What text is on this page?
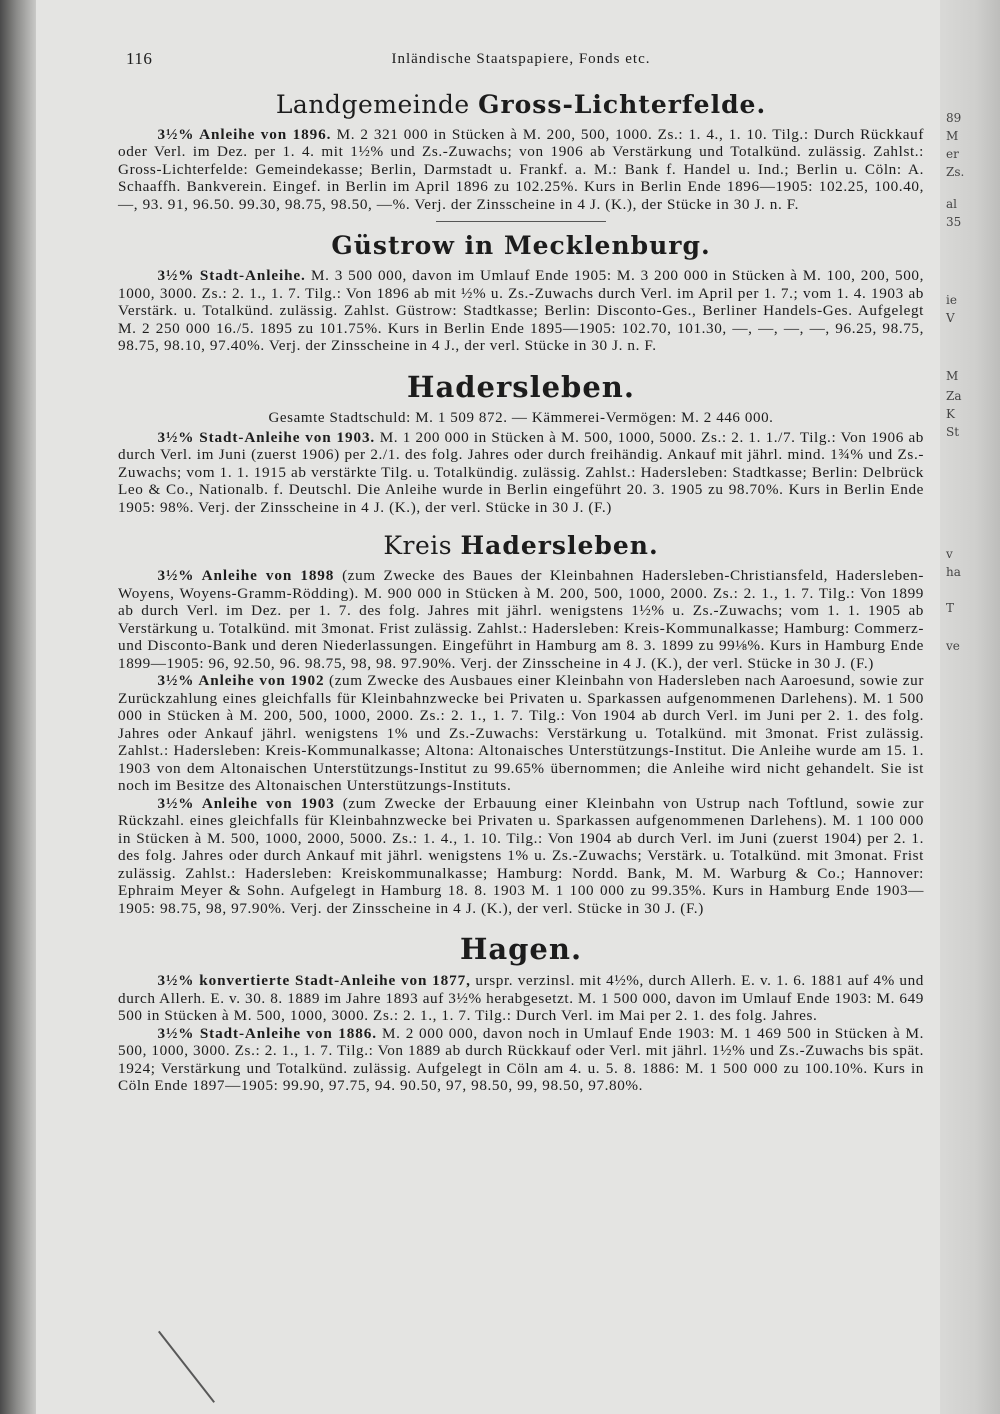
89
M
er
Zs.
al
35
ie
V
M
Za
K
St
v
ha
T
ve
116	Inländische Staatspapiere, Fonds etc.
Landgemeinde Gross-Lichterfelde.

3½% Anleihe von 1896. M. 2 321 000 in Stücken à M. 200, 500, 1000. Zs.: 1. 4., 1. 10. Tilg.: Durch Rückkauf oder Verl. im Dez. per 1. 4. mit 1½% und Zs.-Zuwachs; von 1906 ab Verstärkung und Totalkünd. zulässig. Zahlst.: Gross-Lichterfelde: Gemeindekasse; Berlin, Darmstadt u. Frankf. a. M.: Bank f. Handel u. Ind.; Berlin u. Cöln: A. Schaaffh. Bankverein. Eingef. in Berlin im April 1896 zu 102.25%. Kurs in Berlin Ende 1896—1905: 102.25, 100.40, —, 93. 91, 96.50. 99.30, 98.75, 98.50, —%. Verj. der Zinsscheine in 4 J. (K.), der Stücke in 30 J. n. F.

Güstrow in Mecklenburg.

3½% Stadt-Anleihe. M. 3 500 000, davon im Umlauf Ende 1905: M. 3 200 000 in Stücken à M. 100, 200, 500, 1000, 3000. Zs.: 2. 1., 1. 7. Tilg.: Von 1896 ab mit ½% u. Zs.-Zuwachs durch Verl. im April per 1. 7.; vom 1. 4. 1903 ab Verstärk. u. Totalkünd. zulässig. Zahlst. Güstrow: Stadtkasse; Berlin: Disconto-Ges., Berliner Handels-Ges. Aufgelegt M. 2 250 000 16./5. 1895 zu 101.75%. Kurs in Berlin Ende 1895—1905: 102.70, 101.30, —, —, —, —, 96.25, 98.75, 98.75, 98.10, 97.40%. Verj. der Zinsscheine in 4 J., der verl. Stücke in 30 J. n. F.

Hadersleben.
Gesamte Stadtschuld: M. 1 509 872. — Kämmerei-Vermögen: M. 2 446 000.

3½% Stadt-Anleihe von 1903. M. 1 200 000 in Stücken à M. 500, 1000, 5000. Zs.: 2. 1. 1./7. Tilg.: Von 1906 ab durch Verl. im Juni (zuerst 1906) per 2./1. des folg. Jahres oder durch freihändig. Ankauf mit jährl. mind. 1¾% und Zs.-Zuwachs; vom 1. 1. 1915 ab verstärkte Tilg. u. Totalkündig. zulässig. Zahlst.: Hadersleben: Stadtkasse; Berlin: Delbrück Leo & Co., Nationalb. f. Deutschl. Die Anleihe wurde in Berlin eingeführt 20. 3. 1905 zu 98.70%. Kurs in Berlin Ende 1905: 98%. Verj. der Zinsscheine in 4 J. (K.), der verl. Stücke in 30 J. (F.)

Kreis Hadersleben.

3½% Anleihe von 1898 (zum Zwecke des Baues der Kleinbahnen Hadersleben-Christiansfeld, Hadersleben-Woyens, Woyens-Gramm-Rödding). M. 900 000 in Stücken à M. 200, 500, 1000, 2000. Zs.: 2. 1., 1. 7. Tilg.: Von 1899 ab durch Verl. im Dez. per 1. 7. des folg. Jahres mit jährl. wenigstens 1½% u. Zs.-Zuwachs; vom 1. 1. 1905 ab Verstärkung u. Totalkünd. mit 3monat. Frist zulässig. Zahlst.: Hadersleben: Kreis-Kommunalkasse; Hamburg: Commerz- und Disconto-Bank und deren Niederlassungen. Eingeführt in Hamburg am 8. 3. 1899 zu 99⅛%. Kurs in Hamburg Ende 1899—1905: 96, 92.50, 96. 98.75, 98, 98. 97.90%. Verj. der Zinsscheine in 4 J. (K.), der verl. Stücke in 30 J. (F.)

3½% Anleihe von 1902 (zum Zwecke des Ausbaues einer Kleinbahn von Hadersleben nach Aaroesund, sowie zur Zurückzahlung eines gleichfalls für Kleinbahnzwecke bei Privaten u. Sparkassen aufgenommenen Darlehens). M. 1 500 000 in Stücken à M. 200, 500, 1000, 2000. Zs.: 2. 1., 1. 7. Tilg.: Von 1904 ab durch Verl. im Juni per 2. 1. des folg. Jahres oder Ankauf jährl. wenigstens 1% und Zs.-Zuwachs: Verstärkung u. Totalkünd. mit 3monat. Frist zulässig. Zahlst.: Hadersleben: Kreis-Kommunalkasse; Altona: Altonaisches Unterstützungs-Institut. Die Anleihe wurde am 15. 1. 1903 von dem Altonaischen Unterstützungs-Institut zu 99.65% übernommen; die Anleihe wird nicht gehandelt. Sie ist noch im Besitze des Altonaischen Unterstützungs-Instituts.

3½% Anleihe von 1903 (zum Zwecke der Erbauung einer Kleinbahn von Ustrup nach Toftlund, sowie zur Rückzahl. eines gleichfalls für Kleinbahnzwecke bei Privaten u. Sparkassen aufgenommenen Darlehens). M. 1 100 000 in Stücken à M. 500, 1000, 2000, 5000. Zs.: 1. 4., 1. 10. Tilg.: Von 1904 ab durch Verl. im Juni (zuerst 1904) per 2. 1. des folg. Jahres oder durch Ankauf mit jährl. wenigstens 1% u. Zs.-Zuwachs; Verstärk. u. Totalkünd. mit 3monat. Frist zulässig. Zahlst.: Hadersleben: Kreiskommunalkasse; Hamburg: Nordd. Bank, M. M. Warburg & Co.; Hannover: Ephraim Meyer & Sohn. Aufgelegt in Hamburg 18. 8. 1903 M. 1 100 000 zu 99.35%. Kurs in Hamburg Ende 1903—1905: 98.75, 98, 97.90%. Verj. der Zinsscheine in 4 J. (K.), der verl. Stücke in 30 J. (F.)

Hagen.

3½% konvertierte Stadt-Anleihe von 1877, urspr. verzinsl. mit 4½%, durch Allerh. E. v. 1. 6. 1881 auf 4% und durch Allerh. E. v. 30. 8. 1889 im Jahre 1893 auf 3½% herabgesetzt. M. 1 500 000, davon im Umlauf Ende 1903: M. 649 500 in Stücken à M. 500, 1000, 3000. Zs.: 2. 1., 1. 7. Tilg.: Durch Verl. im Mai per 2. 1. des folg. Jahres.

3½% Stadt-Anleihe von 1886. M. 2 000 000, davon noch in Umlauf Ende 1903: M. 1 469 500 in Stücken à M. 500, 1000, 3000. Zs.: 2. 1., 1. 7. Tilg.: Von 1889 ab durch Rückkauf oder Verl. mit jährl. 1½% und Zs.-Zuwachs bis spät. 1924; Verstärkung und Totalkünd. zulässig. Aufgelegt in Cöln am 4. u. 5. 8. 1886: M. 1 500 000 zu 100.10%. Kurs in Cöln Ende 1897—1905: 99.90, 97.75, 94. 90.50, 97, 98.50, 99, 98.50, 97.80%.
